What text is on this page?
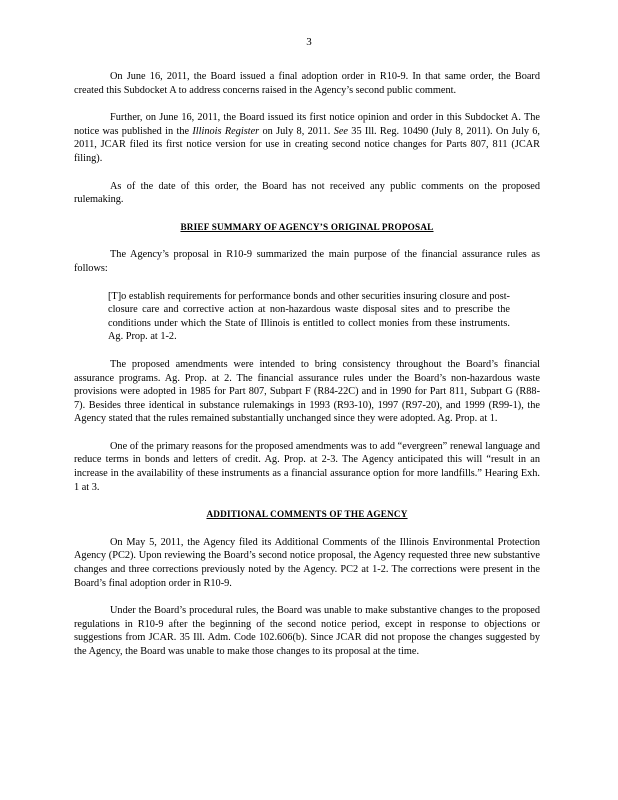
3

On June 16, 2011, the Board issued a final adoption order in R10-9. In that same order, the Board created this Subdocket A to address concerns raised in the Agency’s second public comment.

Further, on June 16, 2011, the Board issued its first notice opinion and order in this Subdocket A. The notice was published in the Illinois Register on July 8, 2011. See 35 Ill. Reg. 10490 (July 8, 2011). On July 6, 2011, JCAR filed its first notice version for use in creating second notice changes for Parts 807, 811 (JCAR filing).

As of the date of this order, the Board has not received any public comments on the proposed rulemaking.

BRIEF SUMMARY OF AGENCY’S ORIGINAL PROPOSAL

The Agency’s proposal in R10-9 summarized the main purpose of the financial assurance rules as follows:

[T]o establish requirements for performance bonds and other securities insuring closure and post-closure care and corrective action at non-hazardous waste disposal sites and to prescribe the conditions under which the State of Illinois is entitled to collect monies from these instruments. Ag. Prop. at 1-2.

The proposed amendments were intended to bring consistency throughout the Board’s financial assurance programs. Ag. Prop. at 2. The financial assurance rules under the Board’s non-hazardous waste provisions were adopted in 1985 for Part 807, Subpart F (R84-22C) and in 1990 for Part 811, Subpart G (R88-7). Besides three identical in substance rulemakings in 1993 (R93-10), 1997 (R97-20), and 1999 (R99-1), the Agency stated that the rules remained substantially unchanged since they were adopted. Ag. Prop. at 1.

One of the primary reasons for the proposed amendments was to add “evergreen” renewal language and reduce terms in bonds and letters of credit. Ag. Prop. at 2-3. The Agency anticipated this will “result in an increase in the availability of these instruments as a financial assurance option for more landfills.” Hearing Exh. 1 at 3.

ADDITIONAL COMMENTS OF THE AGENCY

On May 5, 2011, the Agency filed its Additional Comments of the Illinois Environmental Protection Agency (PC2). Upon reviewing the Board’s second notice proposal, the Agency requested three new substantive changes and three corrections previously noted by the Agency. PC2 at 1-2. The corrections were present in the Board’s final adoption order in R10-9.

Under the Board’s procedural rules, the Board was unable to make substantive changes to the proposed regulations in R10-9 after the beginning of the second notice period, except in response to objections or suggestions from JCAR. 35 Ill. Adm. Code 102.606(b). Since JCAR did not propose the changes suggested by the Agency, the Board was unable to make those changes to its proposal at the time.
